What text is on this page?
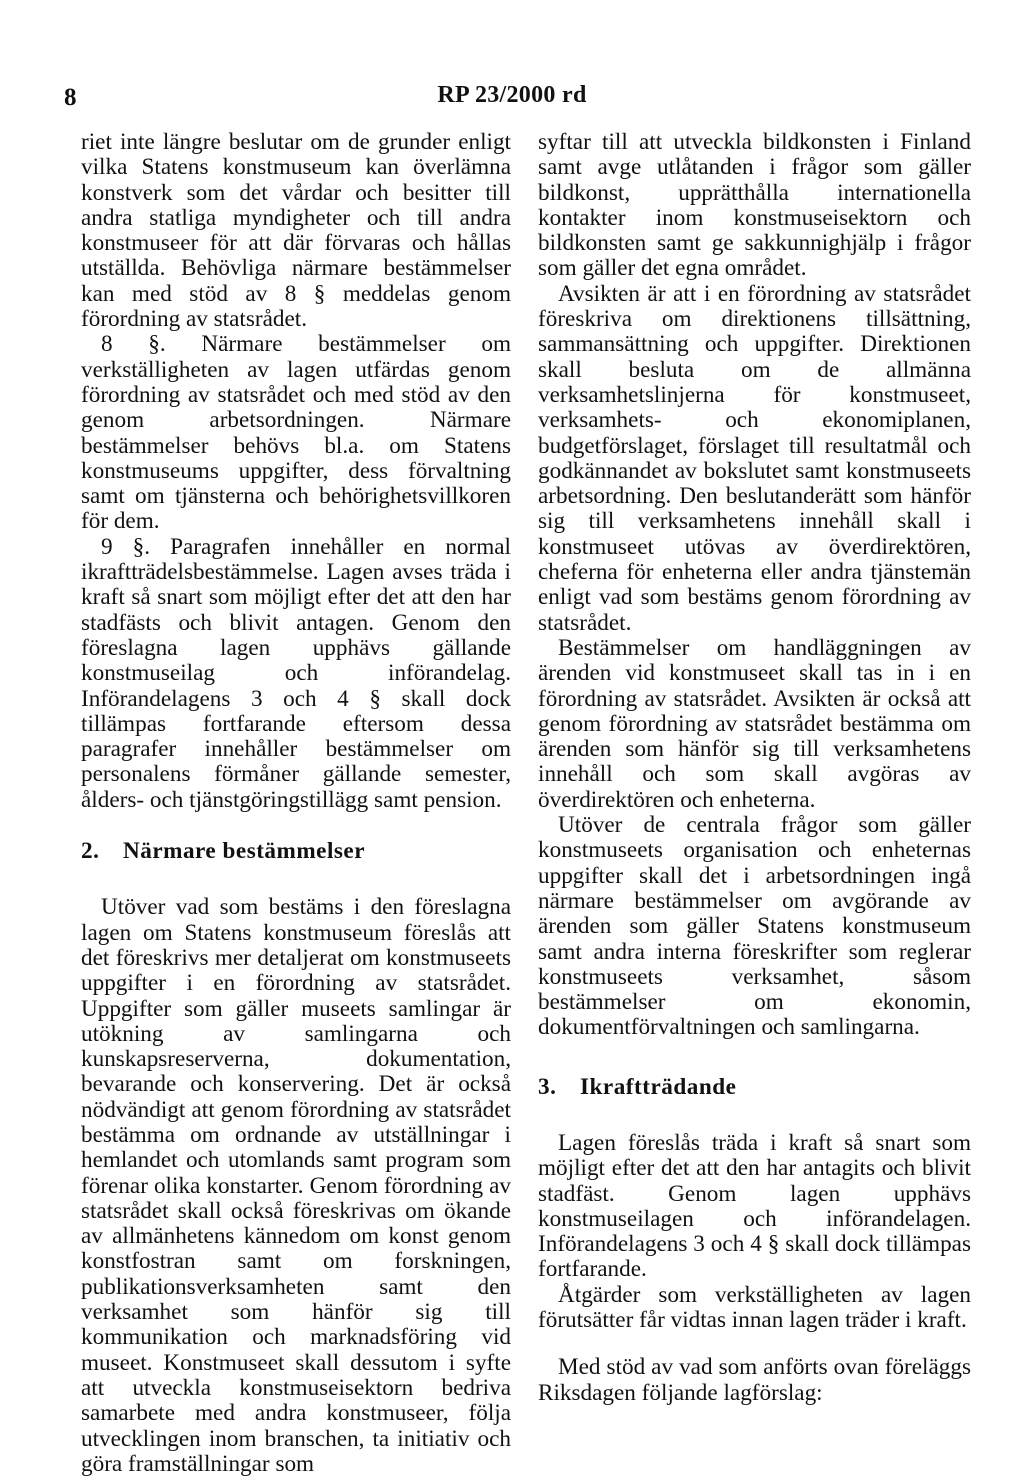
8	RP 23/2000 rd

riet inte längre beslutar om de grunder enligt vilka Statens konstmuseum kan överlämna konstverk som det vårdar och besitter till andra statliga myndigheter och till andra konstmuseer för att där förvaras och hållas utställda. Behövliga närmare bestämmelser kan med stöd av 8 § meddelas genom förordning av statsrådet.

8 §. Närmare bestämmelser om verkställigheten av lagen utfärdas genom förordning av statsrådet och med stöd av den genom arbetsordningen. Närmare bestämmelser behövs bl.a. om Statens konstmuseums uppgifter, dess förvaltning samt om tjänsterna och behörighetsvillkoren för dem.

9 §. Paragrafen innehåller en normal ikraftträdelsbestämmelse. Lagen avses träda i kraft så snart som möjligt efter det att den har stadfästs och blivit antagen. Genom den föreslagna lagen upphävs gällande konstmuseilag och införandelag. Införandelagens 3 och 4 § skall dock tillämpas fortfarande eftersom dessa paragrafer innehåller bestämmelser om personalens förmåner gällande semester, ålders- och tjänstgöringstillägg samt pension.

2. Närmare bestämmelser

Utöver vad som bestäms i den föreslagna lagen om Statens konstmuseum föreslås att det föreskrivs mer detaljerat om konstmuseets uppgifter i en förordning av statsrådet. Uppgifter som gäller museets samlingar är utökning av samlingarna och kunskapsreserverna, dokumentation, bevarande och konservering. Det är också nödvändigt att genom förordning av statsrådet bestämma om ordnande av utställningar i hemlandet och utomlands samt program som förenar olika konstarter. Genom förordning av statsrådet skall också föreskrivas om ökande av allmänhetens kännedom om konst genom konstfostran samt om forskningen, publikationsverksamheten samt den verksamhet som hänför sig till kommunikation och marknadsföring vid museet. Konstmuseet skall dessutom i syfte att utveckla konstmuseisektorn bedriva samarbete med andra konstmuseer, följa utvecklingen inom branschen, ta initiativ och göra framställningar som

syftar till att utveckla bildkonsten i Finland samt avge utlåtanden i frågor som gäller bildkonst, upprätthålla internationella kontakter inom konstmuseisektorn och bildkonsten samt ge sakkunnighjälp i frågor som gäller det egna området.

Avsikten är att i en förordning av statsrådet föreskriva om direktionens tillsättning, sammansättning och uppgifter. Direktionen skall besluta om de allmänna verksamhetslinjerna för konstmuseet, verksamhets- och ekonomiplanen, budgetförslaget, förslaget till resultatmål och godkännandet av bokslutet samt konstmuseets arbetsordning. Den beslutanderätt som hänför sig till verksamhetens innehåll skall i konstmuseet utövas av överdirektören, cheferna för enheterna eller andra tjänstemän enligt vad som bestäms genom förordning av statsrådet.

Bestämmelser om handläggningen av ärenden vid konstmuseet skall tas in i en förordning av statsrådet. Avsikten är också att genom förordning av statsrådet bestämma om ärenden som hänför sig till verksamhetens innehåll och som skall avgöras av överdirektören och enheterna.

Utöver de centrala frågor som gäller konstmuseets organisation och enheternas uppgifter skall det i arbetsordningen ingå närmare bestämmelser om avgörande av ärenden som gäller Statens konstmuseum samt andra interna föreskrifter som reglerar konstmuseets verksamhet, såsom bestämmelser om ekonomin, dokumentförvaltningen och samlingarna.

3. Ikraftträdande

Lagen föreslås träda i kraft så snart som möjligt efter det att den har antagits och blivit stadfäst. Genom lagen upphävs konstmuseilagen och införandelagen. Införandelagens 3 och 4 § skall dock tillämpas fortfarande.

Åtgärder som verkställigheten av lagen förutsätter får vidtas innan lagen träder i kraft.

Med stöd av vad som anförts ovan föreläggs Riksdagen följande lagförslag:
